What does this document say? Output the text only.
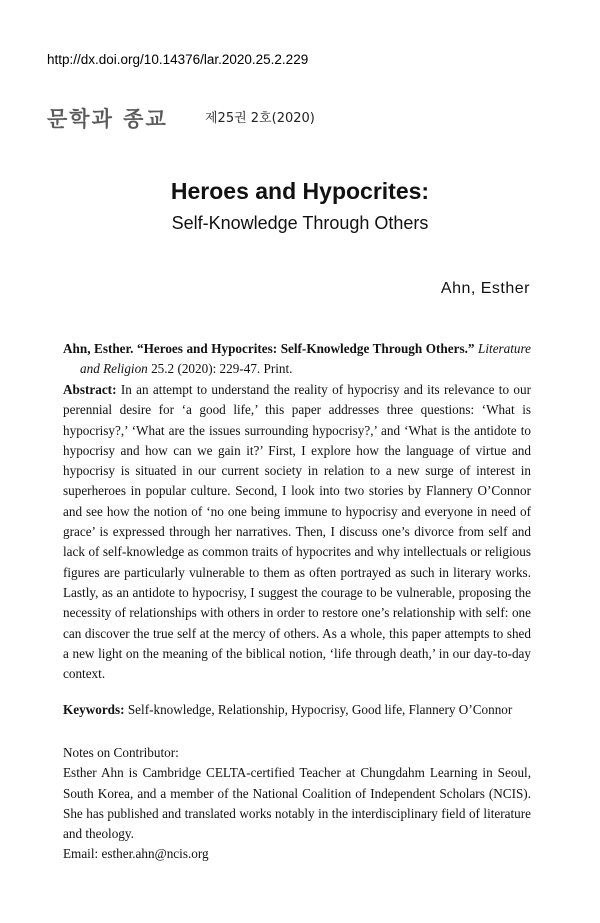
http://dx.doi.org/10.14376/lar.2020.25.2.229
문학과 종교	제25권 2호(2020)
Heroes and Hypocrites:
Self-Knowledge Through Others
Ahn, Esther
Ahn, Esther. “Heroes and Hypocrites: Self-Knowledge Through Others.” Literature and Religion 25.2 (2020): 229-47. Print.
Abstract: In an attempt to understand the reality of hypocrisy and its relevance to our perennial desire for ‘a good life,’ this paper addresses three questions: ‘What is hypocrisy?,’ ‘What are the issues surrounding hypocrisy?,’ and ‘What is the antidote to hypocrisy and how can we gain it?’ First, I explore how the language of virtue and hypocrisy is situated in our current society in relation to a new surge of interest in superheroes in popular culture. Second, I look into two stories by Flannery O’Connor and see how the notion of ‘no one being immune to hypocrisy and everyone in need of grace’ is expressed through her narratives. Then, I discuss one’s divorce from self and lack of self-knowledge as common traits of hypocrites and why intellectuals or religious figures are particularly vulnerable to them as often portrayed as such in literary works. Lastly, as an antidote to hypocrisy, I suggest the courage to be vulnerable, proposing the necessity of relationships with others in order to restore one’s relationship with self: one can discover the true self at the mercy of others. As a whole, this paper attempts to shed a new light on the meaning of the biblical notion, ‘life through death,’ in our day-to-day context.
Keywords: Self-knowledge, Relationship, Hypocrisy, Good life, Flannery O’Connor
Notes on Contributor:
Esther Ahn is Cambridge CELTA-certified Teacher at Chungdahm Learning in Seoul, South Korea, and a member of the National Coalition of Independent Scholars (NCIS). She has published and translated works notably in the interdisciplinary field of literature and theology.
Email: esther.ahn@ncis.org
